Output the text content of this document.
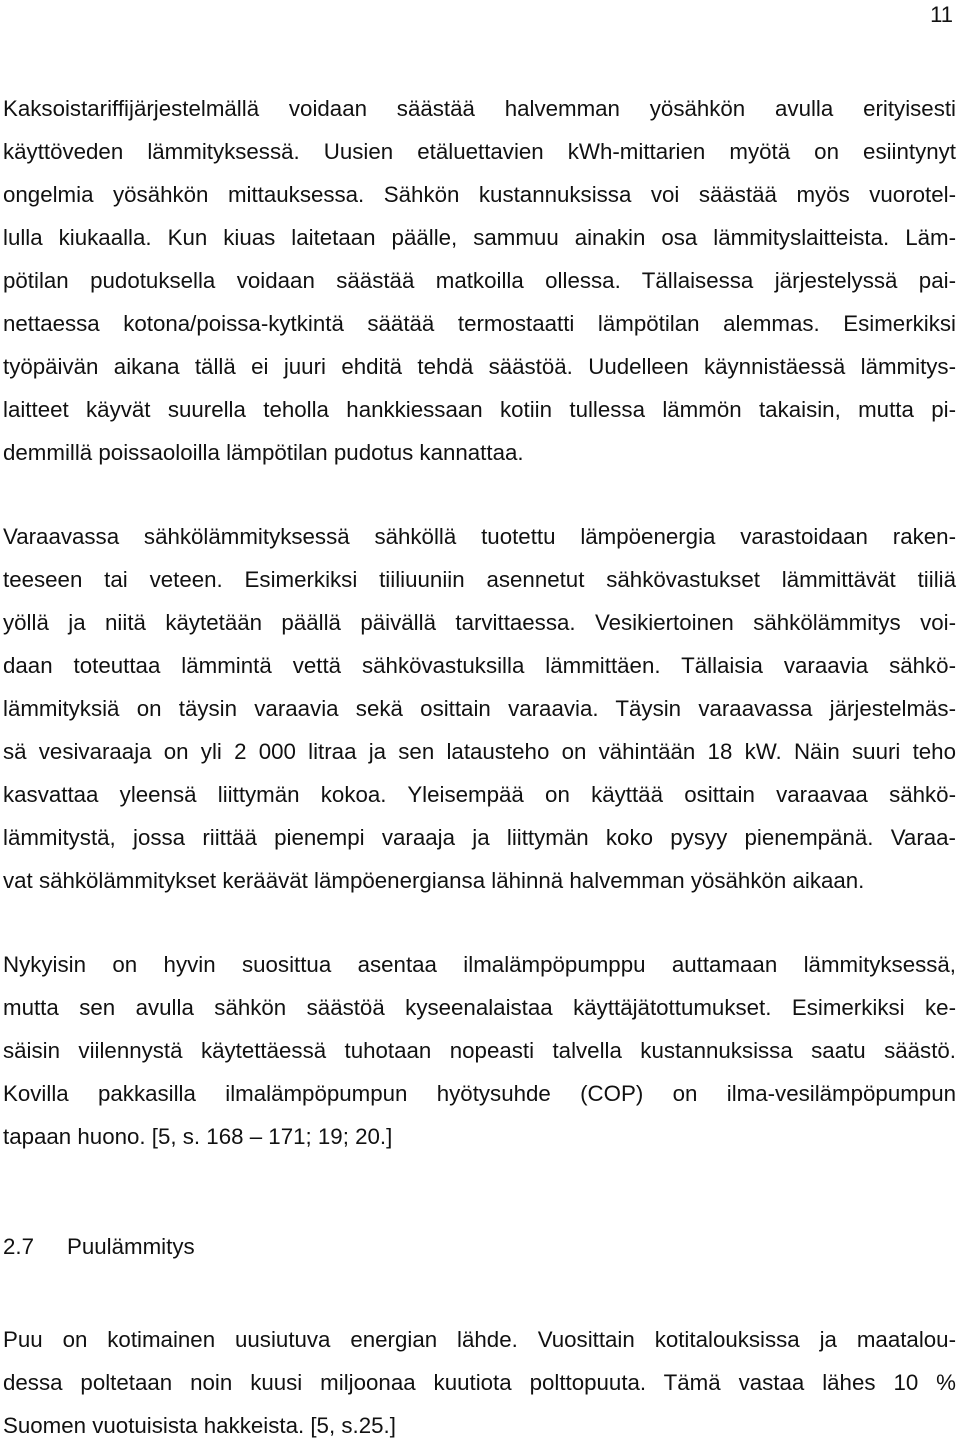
11
Kaksoistariffijärjestelmällä voidaan säästää halvemman yösähkön avulla erityisesti
käyttöveden lämmityksessä. Uusien etäluettavien kWh-mittarien myötä on esiintynyt
ongelmia yösähkön mittauksessa. Sähkön kustannuksissa voi säästää myös vuorotel-
lulla kiukaalla. Kun kiuas laitetaan päälle, sammuu ainakin osa lämmityslaitteista. Läm-
pötilan pudotuksella voidaan säästää matkoilla ollessa. Tällaisessa järjestelyssä pai-
nettaessa kotona/poissa-kytkintä säätää termostaatti lämpötilan alemmas. Esimerkiksi
työpäivän aikana tällä ei juuri ehditä tehdä säästöä. Uudelleen käynnistäessä lämmitys-
laitteet käyvät suurella teholla hankkiessaan kotiin tullessa lämmön takaisin, mutta pi-
demmillä poissaoloilla lämpötilan pudotus kannattaa.
Varaavassa sähkölämmityksessä sähköllä tuotettu lämpöenergia varastoidaan raken-
teeseen tai veteen. Esimerkiksi tiiliuuniin asennetut sähkövastukset lämmittävät tiiliä
yöllä ja niitä käytetään päällä päivällä tarvittaessa. Vesikiertoinen sähkölämmitys voi-
daan toteuttaa lämmintä vettä sähkövastuksilla lämmittäen. Tällaisia varaavia sähkö-
lämmityksiä on täysin varaavia sekä osittain varaavia. Täysin varaavassa järjestelmäs-
sä vesivaraaja on yli 2 000 litraa ja sen latausteho on vähintään 18 kW. Näin suuri teho
kasvattaa yleensä liittymän kokoa. Yleisempää on käyttää osittain varaavaa sähkö-
lämmitystä, jossa riittää pienempi varaaja ja liittymän koko pysyy pienempänä. Varaa-
vat sähkölämmitykset keräävät lämpöenergiansa lähinnä halvemman yösähkön aikaan.
Nykyisin on hyvin suosittua asentaa ilmalämpöpumppu auttamaan lämmityksessä,
mutta sen avulla sähkön säästöä kyseenalaistaa käyttäjätottumukset. Esimerkiksi ke-
säisin viilennystä käytettäessä tuhotaan nopeasti talvella kustannuksissa saatu säästö.
Kovilla pakkasilla ilmalämpöpumpun hyötysuhde (COP) on ilma-vesilämpöpumpun
tapaan huono. [5, s. 168 – 171; 19; 20.]
2.7 Puulämmitys
Puu on kotimainen uusiutuva energian lähde. Vuosittain kotitalouksissa ja maatalou-
dessa poltetaan noin kuusi miljoonaa kuutiota polttopuuta. Tämä vastaa lähes 10 %
Suomen vuotuisista hakkeista. [5, s.25.]
